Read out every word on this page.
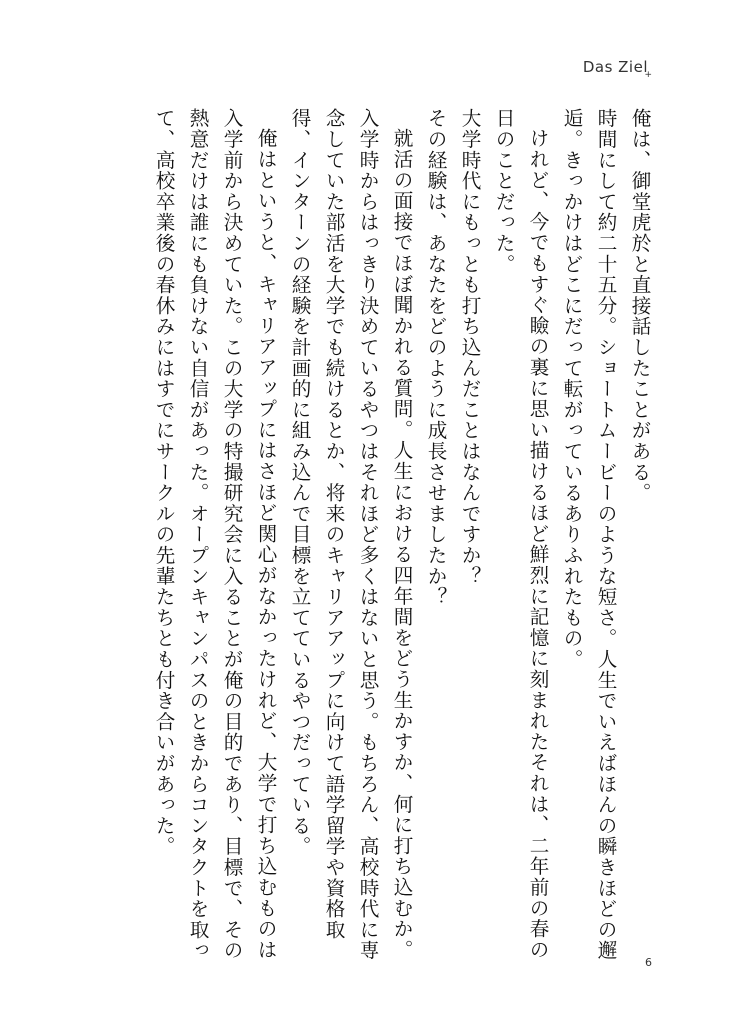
Das Ziel
+

俺は、御堂虎於と直接話したことがある。

時間にして約二十五分。ショートムービーのような短さ。人生でいえばほんの瞬きほどの邂逅。きっかけはどこにだって転がっているありふれたもの。

けれど、今でもすぐ瞼の裏に思い描けるほど鮮烈に記憶に刻まれたそれは、二年前の春の日のことだった。

大学時代にもっとも打ち込んだことはなんですか？

その経験は、あなたをどのように成長させましたか？

就活の面接でほぼ聞かれる質問。人生における四年間をどう生かすか、何に打ち込むか。入学時からはっきり決めているやつはそれほど多くはないと思う。もちろん、高校時代に専念していた部活を大学でも続けるとか、将来のキャリアアップに向けて語学留学や資格取得、インターンの経験を計画的に組み込んで目標を立てているやつだっている。

俺はというと、キャリアアップにはさほど関心がなかったけれど、大学で打ち込むものは入学前から決めていた。この大学の特撮研究会に入ることが俺の目的であり、目標で、その熱意だけは誰にも負けない自信があった。オープンキャンパスのときからコンタクトを取って、高校卒業後の春休みにはすでにサークルの先輩たちとも付き合いがあった。

6
